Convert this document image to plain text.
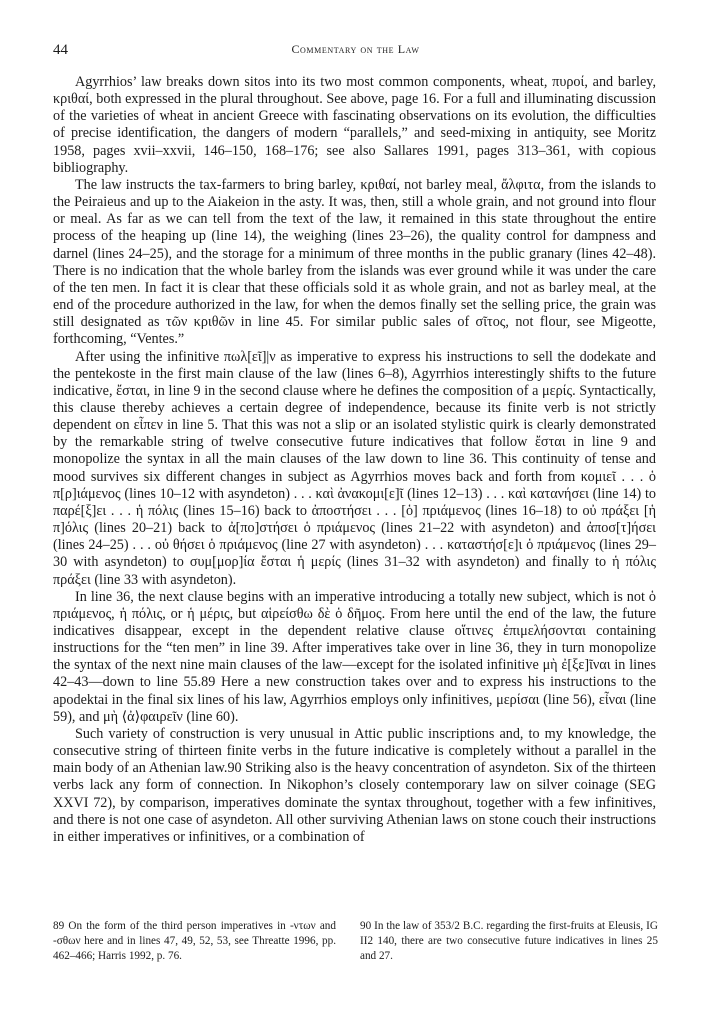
44	Commentary on the Law

Agyrrhios’ law breaks down sitos into its two most common components, wheat, πυροί, and barley, κριθαί, both expressed in the plural throughout. See above, page 16. For a full and illuminating discussion of the varieties of wheat in ancient Greece with fascinating observations on its evolution, the difficulties of precise identification, the dangers of modern “parallels,” and seed-mixing in antiquity, see Moritz 1958, pages xvii–xxvii, 146–150, 168–176; see also Sallares 1991, pages 313–361, with copious bibliography.

The law instructs the tax-farmers to bring barley, κριθαί, not barley meal, ἄλφιτα, from the islands to the Peiraieus and up to the Aiakeion in the asty. It was, then, still a whole grain, and not ground into flour or meal. As far as we can tell from the text of the law, it remained in this state throughout the entire process of the heaping up (line 14), the weighing (lines 23–26), the quality control for dampness and darnel (lines 24–25), and the storage for a minimum of three months in the public granary (lines 42–48). There is no indication that the whole barley from the islands was ever ground while it was under the care of the ten men. In fact it is clear that these officials sold it as whole grain, and not as barley meal, at the end of the procedure authorized in the law, for when the demos finally set the selling price, the grain was still designated as τῶν κριθῶν in line 45. For similar public sales of σῖτος, not flour, see Migeotte, forthcoming, “Ventes.”

After using the infinitive πωλ[εῖ]|ν as imperative to express his instructions to sell the dodekate and the pentekoste in the first main clause of the law (lines 6–8), Agyrrhios interestingly shifts to the future indicative, ἔσται, in line 9 in the second clause where he defines the composition of a μερίς. Syntactically, this clause thereby achieves a certain degree of independence, because its finite verb is not strictly dependent on εἶπεν in line 5. That this was not a slip or an isolated stylistic quirk is clearly demonstrated by the remarkable string of twelve consecutive future indicatives that follow ἔσται in line 9 and monopolize the syntax in all the main clauses of the law down to line 36. This continuity of tense and mood survives six different changes in subject as Agyrrhios moves back and forth from κομιεῖ . . . ὁ π[ρ]ιάμενος (lines 10–12 with asyndeton) . . . καὶ ἀνακομι[ε]ῖ (lines 12–13) . . . καὶ κατανήσει (line 14) to παρέ[ξ]ει . . . ἡ πόλις (lines 15–16) back to ἀποστήσει . . . [ὁ] πριάμενος (lines 16–18) to οὐ πράξει [ἡ π]όλις (lines 20–21) back to ἀ[πο]στήσει ὁ πριάμενος (lines 21–22 with asyndeton) and ἀποσ[τ]ήσει (lines 24–25) . . . οὐ θήσει ὁ πριάμενος (line 27 with asyndeton) . . . καταστήσ[ε]ι ὁ πριάμενος (lines 29–30 with asyndeton) to συμ[μορ]ία ἔσται ἡ μερίς (lines 31–32 with asyndeton) and finally to ἡ πόλις πράξει (line 33 with asyndeton).

In line 36, the next clause begins with an imperative introducing a totally new subject, which is not ὁ πριάμενος, ἡ πόλις, or ἡ μέρις, but αἱρείσθω δὲ ὁ δῆμος. From here until the end of the law, the future indicatives disappear, except in the dependent relative clause οἵτινες ἐπιμελήσονται containing instructions for the “ten men” in line 39. After imperatives take over in line 36, they in turn monopolize the syntax of the next nine main clauses of the law—except for the isolated infinitive μὴ ἐ[ξε]ῖναι in lines 42–43—down to line 55.89 Here a new construction takes over and to express his instructions to the apodektai in the final six lines of his law, Agyrrhios employs only infinitives, μερίσαι (line 56), εἶναι (line 59), and μὴ ⟨ἀ⟩φαιρεῖν (line 60).

Such variety of construction is very unusual in Attic public inscriptions and, to my knowledge, the consecutive string of thirteen finite verbs in the future indicative is completely without a parallel in the main body of an Athenian law.90 Striking also is the heavy concentration of asyndeton. Six of the thirteen verbs lack any form of connection. In Nikophon’s closely contemporary law on silver coinage (SEG XXVI 72), by comparison, imperatives dominate the syntax throughout, together with a few infinitives, and there is not one case of asyndeton. All other surviving Athenian laws on stone couch their instructions in either imperatives or infinitives, or a combination of

89 On the form of the third person imperatives in -ντων and -σθων here and in lines 47, 49, 52, 53, see Threatte 1996, pp. 462–466; Harris 1992, p. 76.
90 In the law of 353/2 B.C. regarding the first-fruits at Eleusis, IG II2 140, there are two consecutive future indicatives in lines 25 and 27.
